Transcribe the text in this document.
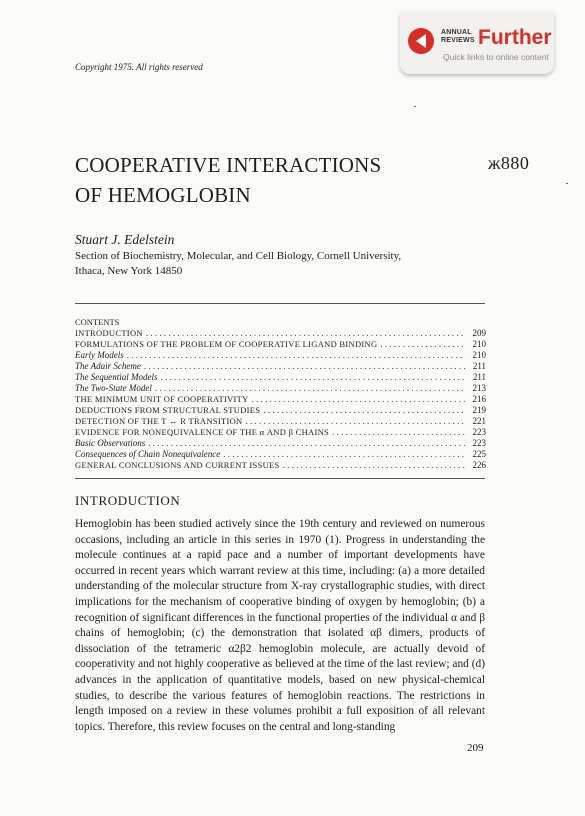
ANNUAL REVIEWS Further
Quick links to online content
Copyright 1975. All rights reserved
COOPERATIVE INTERACTIONS
OF HEMOGLOBIN
ж880
Stuart J. Edelstein
Section of Biochemistry, Molecular, and Cell Biology, Cornell University,
Ithaca, New York 14850
CONTENTS
INTRODUCTION . . .	209
FORMULATIONS OF THE PROBLEM OF COOPERATIVE LIGAND BINDING . . .	210
Early Models . . .	210
The Adair Scheme . . .	211
The Sequential Models . . .	211
The Two-State Model . . .	213
THE MINIMUM UNIT OF COOPERATIVITY . . .	216
DEDUCTIONS FROM STRUCTURAL STUDIES . . .	219
DETECTION OF THE T ↔ R TRANSITION . . .	221
EVIDENCE FOR NONEQUIVALENCE OF THE α AND β CHAINS . . .	223
Basic Observations . . .	223
Consequences of Chain Nonequivalence . . .	225
GENERAL CONCLUSIONS AND CURRENT ISSUES . . .	226
INTRODUCTION

Hemoglobin has been studied actively since the 19th century and reviewed on numerous occasions, including an article in this series in 1970 (1). Progress in understanding the molecule continues at a rapid pace and a number of important developments have occurred in recent years which warrant review at this time, including: (a) a more detailed understanding of the molecular structure from X-ray crystallographic studies, with direct implications for the mechanism of cooperative binding of oxygen by hemoglobin; (b) a recognition of significant differences in the functional properties of the individual α and β chains of hemoglobin; (c) the demonstration that isolated αβ dimers, products of dissociation of the tetrameric α2β2 hemoglobin molecule, are actually devoid of cooperativity and not highly cooperative as believed at the time of the last review; and (d) advances in the application of quantitative models, based on new physical-chemical studies, to describe the various features of hemoglobin reactions. The restrictions in length imposed on a review in these volumes prohibit a full exposition of all relevant topics. Therefore, this review focuses on the central and long-standing

209
